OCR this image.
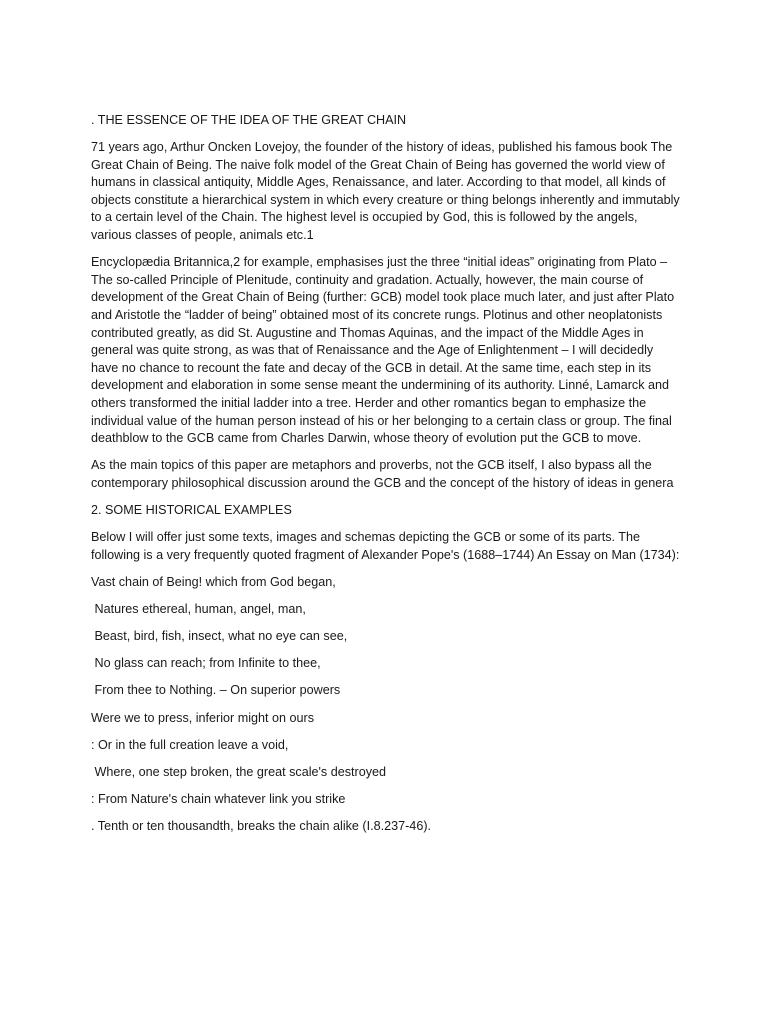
. THE ESSENCE OF THE IDEA OF THE GREAT CHAIN
71 years ago, Arthur Oncken Lovejoy, the founder of the history of ideas, published his famous book The Great Chain of Being. The naive folk model of the Great Chain of Being has governed the world view of humans in classical antiquity, Middle Ages, Renaissance, and later. According to that model, all kinds of objects constitute a hierarchical system in which every creature or thing belongs inherently and immutably to a certain level of the Chain. The highest level is occupied by God, this is followed by the angels, various classes of people, animals etc.1
Encyclopædia Britannica,2 for example, emphasises just the three “initial ideas” originating from Plato – The so-called Principle of Plenitude, continuity and gradation. Actually, however, the main course of development of the Great Chain of Being (further: GCB) model took place much later, and just after Plato and Aristotle the “ladder of being” obtained most of its concrete rungs. Plotinus and other neoplatonists contributed greatly, as did St. Augustine and Thomas Aquinas, and the impact of the Middle Ages in general was quite strong, as was that of Renaissance and the Age of Enlightenment – I will decidedly have no chance to recount the fate and decay of the GCB in detail. At the same time, each step in its development and elaboration in some sense meant the undermining of its authority. Linné, Lamarck and others transformed the initial ladder into a tree. Herder and other romantics began to emphasize the individual value of the human person instead of his or her belonging to a certain class or group. The final deathblow to the GCB came from Charles Darwin, whose theory of evolution put the GCB to move.
As the main topics of this paper are metaphors and proverbs, not the GCB itself, I also bypass all the contemporary philosophical discussion around the GCB and the concept of the history of ideas in genera
2. SOME HISTORICAL EXAMPLES
Below I will offer just some texts, images and schemas depicting the GCB or some of its parts. The following is a very frequently quoted fragment of Alexander Pope's (1688–1744) An Essay on Man (1734):
Vast chain of Being! which from God began,
Natures ethereal, human, angel, man,
Beast, bird, fish, insect, what no eye can see,
No glass can reach; from Infinite to thee,
From thee to Nothing. – On superior powers
Were we to press, inferior might on ours
: Or in the full creation leave a void,
Where, one step broken, the great scale's destroyed
: From Nature's chain whatever link you strike
. Tenth or ten thousandth, breaks the chain alike (I.8.237-46).
